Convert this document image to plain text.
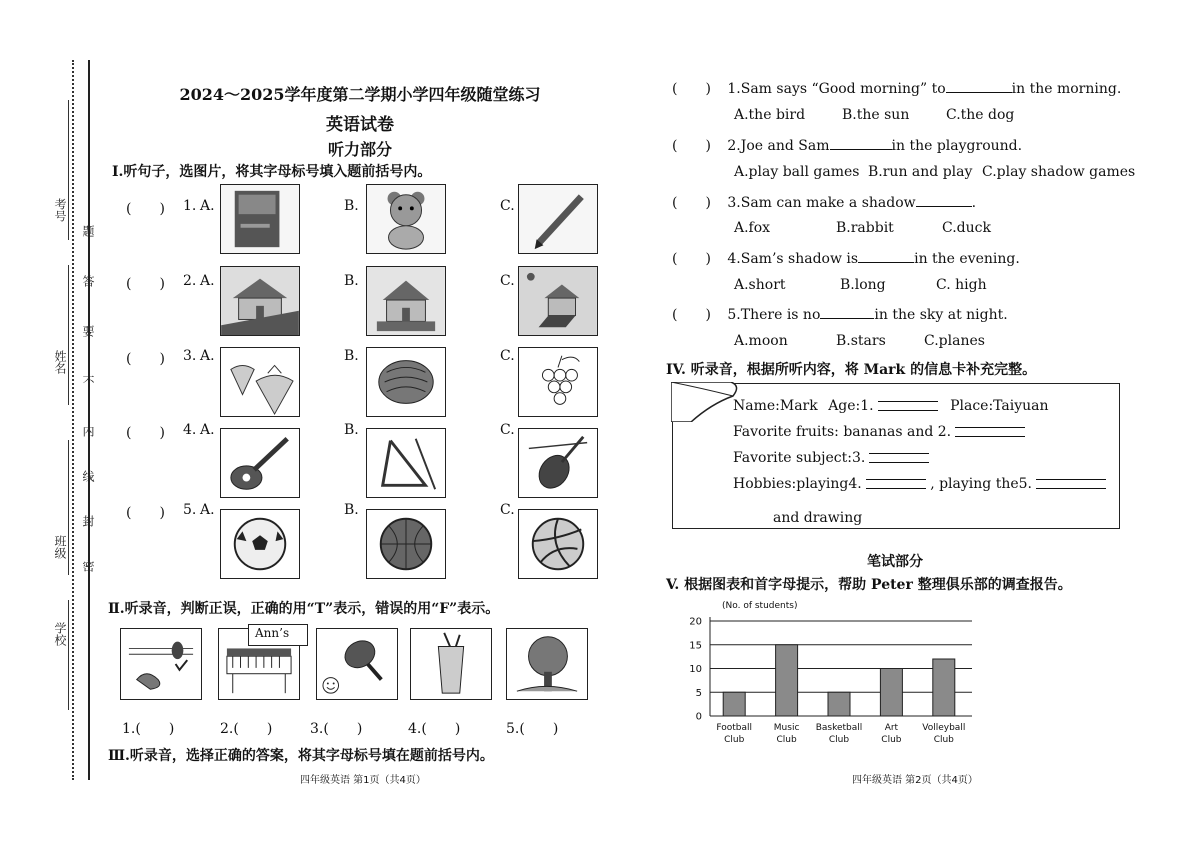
考号
姓名
班级
学校
题
答
要
不
内
线
封
密
2024～2025学年度第二学期小学四年级随堂练习
英语试卷
听力部分
Ⅰ.听句子，选图片，将其字母标号填入题前括号内。
(　　) 1. A.	B.	C.
(　　) 2. A.	B.	C.
(　　) 3. A.	B.	C.
(　　) 4. A.	B.	C.
(　　) 5. A.	B.	C.
Ⅱ.听录音，判断正误，正确的用“T”表示，错误的用“F”表示。
Ann’s
1.(　　)	2.(　　)	3.(　　)	4.(　　)	5.(　　)
Ⅲ.听录音，选择正确的答案，将其字母标号填在题前括号内。
四年级英语 第1页（共4页）
(　　) 1.Sam says “Good morning” to	in the morning.
A.the bird	B.the sun	C.the dog
(　　) 2.Joe and Sam	in the playground.
A.play ball games B.run and play C.play shadow games
(　　) 3.Sam can make a shadow	.
A.fox	B.rabbit	C.duck
(　　) 4.Sam’s shadow is	in the evening.
A.short	B.long	C. high
(　　) 5.There is no	in the sky at night.
A.moon	B.stars	C.planes
IV. 听录音，根据所听内容，将 Mark 的信息卡补充完整。
Name:Mark Age:1.	Place:Taiyuan
Favorite fruits: bananas and 2.
Favorite subject:3.
Hobbies:playing4.	, playing the5.
and drawing
笔试部分
V. 根据图表和首字母提示，帮助 Peter 整理俱乐部的调查报告。
(No. of students)
0
5
10
15
20
Football
Club
Music
Club
Basketball
Club
Art
Club
Volleyball
Club
四年级英语 第2页（共4页）
